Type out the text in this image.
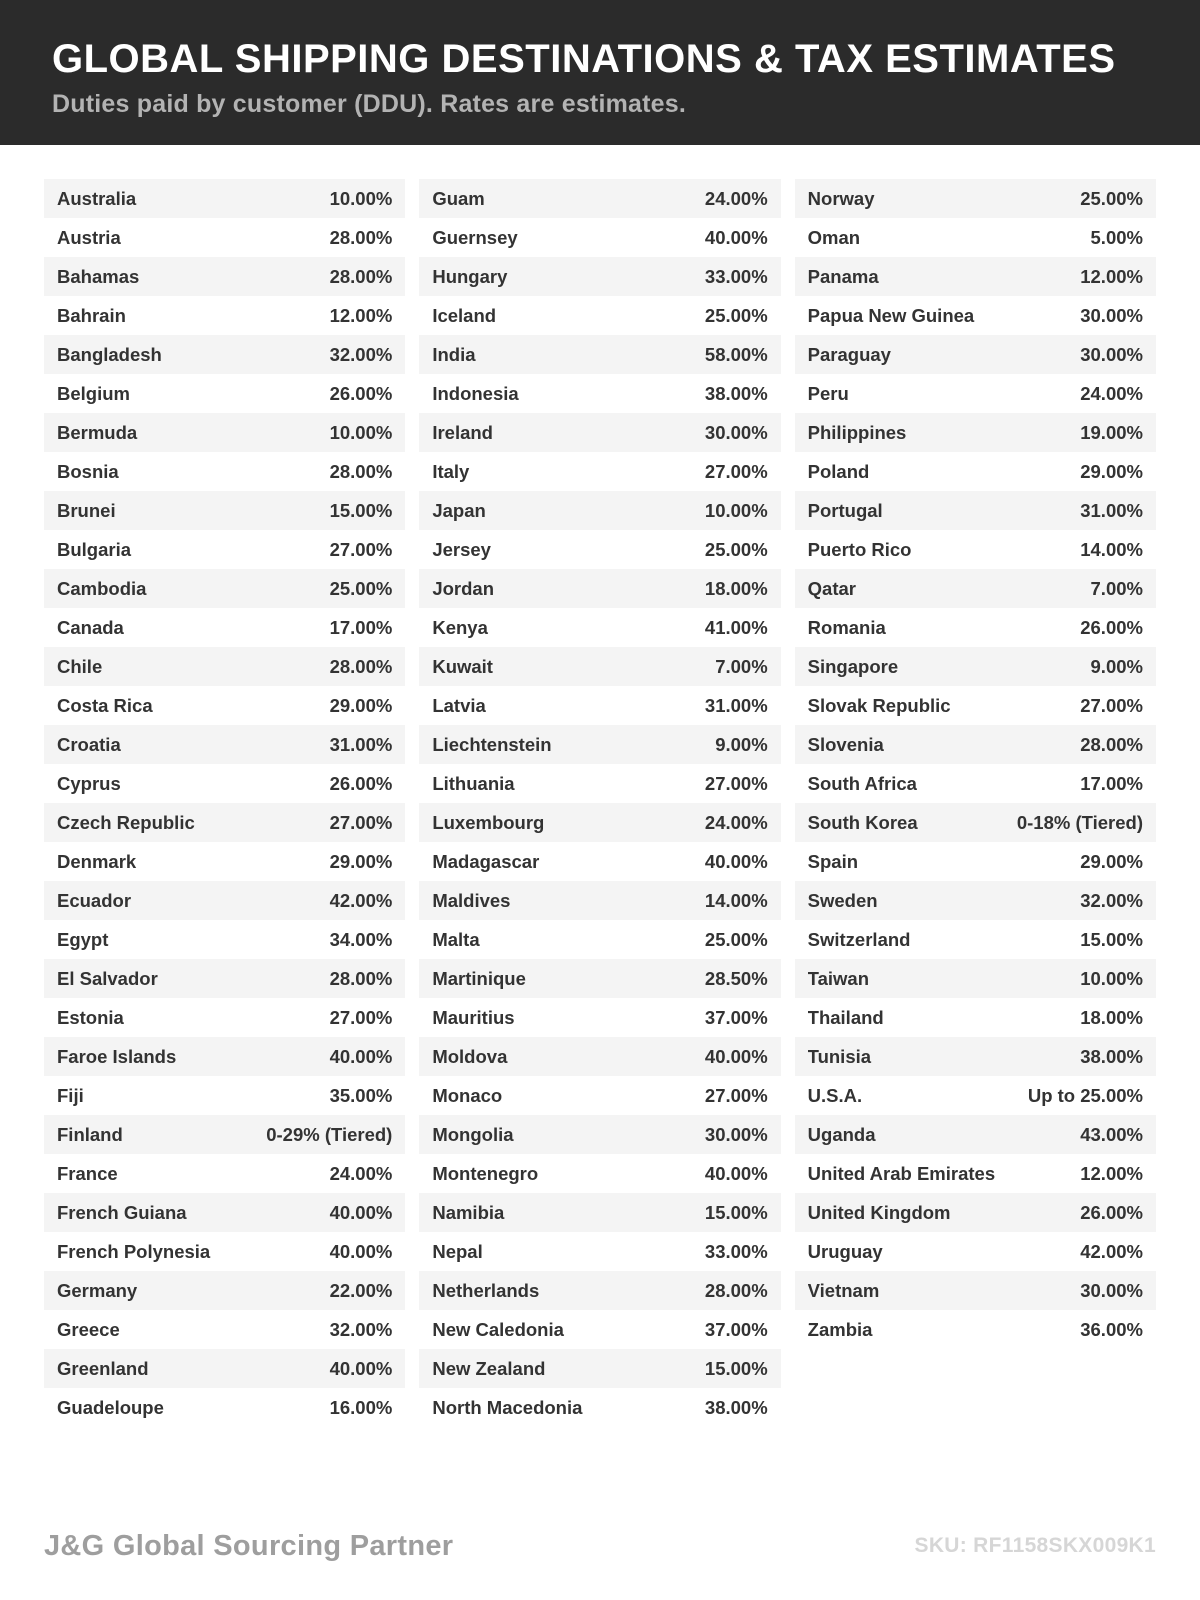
GLOBAL SHIPPING DESTINATIONS & TAX ESTIMATES
Duties paid by customer (DDU). Rates are estimates.
Australia	10.00%
Austria	28.00%
Bahamas	28.00%
Bahrain	12.00%
Bangladesh	32.00%
Belgium	26.00%
Bermuda	10.00%
Bosnia	28.00%
Brunei	15.00%
Bulgaria	27.00%
Cambodia	25.00%
Canada	17.00%
Chile	28.00%
Costa Rica	29.00%
Croatia	31.00%
Cyprus	26.00%
Czech Republic	27.00%
Denmark	29.00%
Ecuador	42.00%
Egypt	34.00%
El Salvador	28.00%
Estonia	27.00%
Faroe Islands	40.00%
Fiji	35.00%
Finland	0-29% (Tiered)
France	24.00%
French Guiana	40.00%
French Polynesia	40.00%
Germany	22.00%
Greece	32.00%
Greenland	40.00%
Guadeloupe	16.00%
Guam	24.00%
Guernsey	40.00%
Hungary	33.00%
Iceland	25.00%
India	58.00%
Indonesia	38.00%
Ireland	30.00%
Italy	27.00%
Japan	10.00%
Jersey	25.00%
Jordan	18.00%
Kenya	41.00%
Kuwait	7.00%
Latvia	31.00%
Liechtenstein	9.00%
Lithuania	27.00%
Luxembourg	24.00%
Madagascar	40.00%
Maldives	14.00%
Malta	25.00%
Martinique	28.50%
Mauritius	37.00%
Moldova	40.00%
Monaco	27.00%
Mongolia	30.00%
Montenegro	40.00%
Namibia	15.00%
Nepal	33.00%
Netherlands	28.00%
New Caledonia	37.00%
New Zealand	15.00%
North Macedonia	38.00%
Norway	25.00%
Oman	5.00%
Panama	12.00%
Papua New Guinea	30.00%
Paraguay	30.00%
Peru	24.00%
Philippines	19.00%
Poland	29.00%
Portugal	31.00%
Puerto Rico	14.00%
Qatar	7.00%
Romania	26.00%
Singapore	9.00%
Slovak Republic	27.00%
Slovenia	28.00%
South Africa	17.00%
South Korea	0-18% (Tiered)
Spain	29.00%
Sweden	32.00%
Switzerland	15.00%
Taiwan	10.00%
Thailand	18.00%
Tunisia	38.00%
U.S.A.	Up to 25.00%
Uganda	43.00%
United Arab Emirates	12.00%
United Kingdom	26.00%
Uruguay	42.00%
Vietnam	30.00%
Zambia	36.00%
J&G Global Sourcing Partner	SKU: RF1158SKX009K1
